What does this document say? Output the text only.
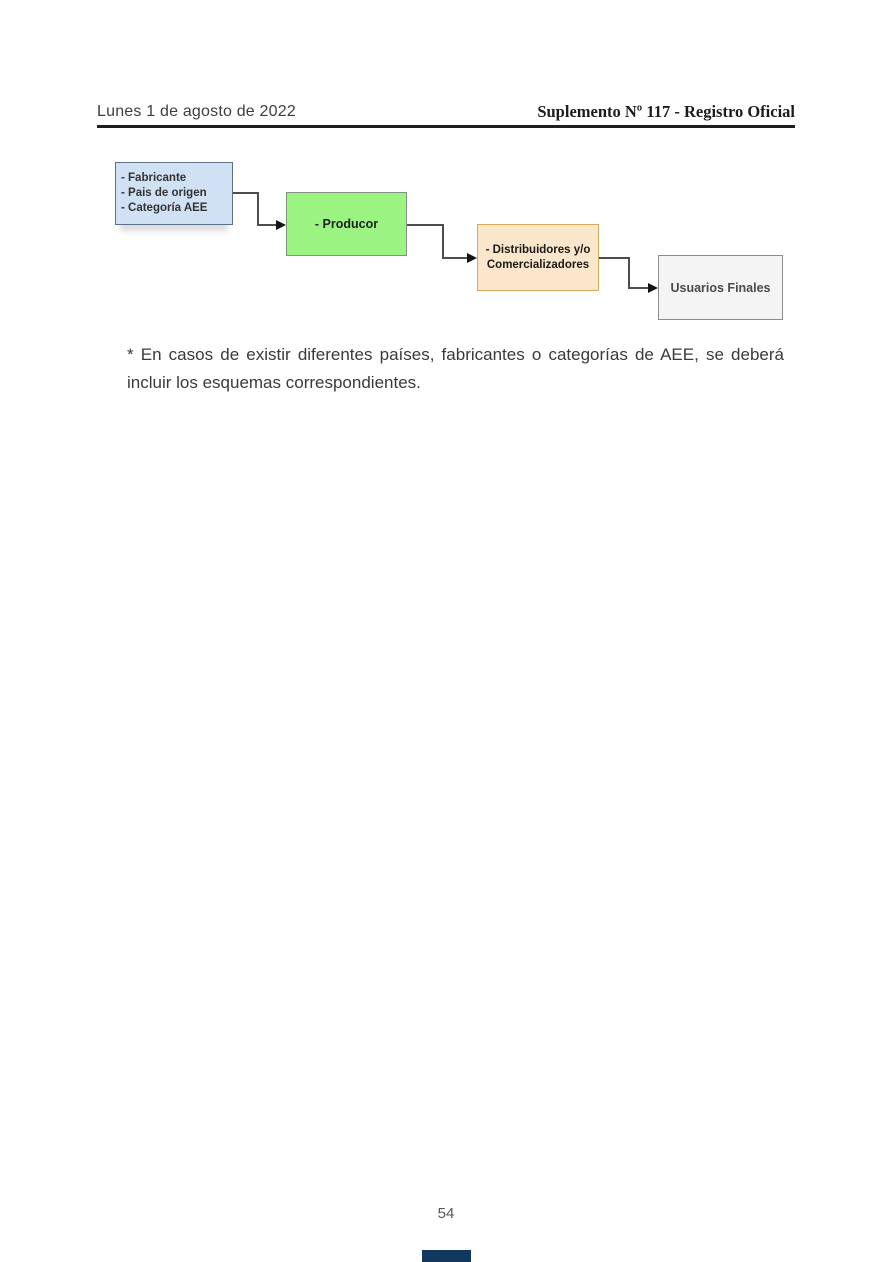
Lunes 1 de agosto de 2022	Suplemento Nº 117 - Registro Oficial
- Fabricante
- Pais de origen
- Categoría AEE
- Producor
- Distribuidores y/o
Comercializadores
Usuarios Finales
* En casos de existir diferentes países, fabricantes o categorías de AEE, se deberá
incluir los esquemas correspondientes.
54
